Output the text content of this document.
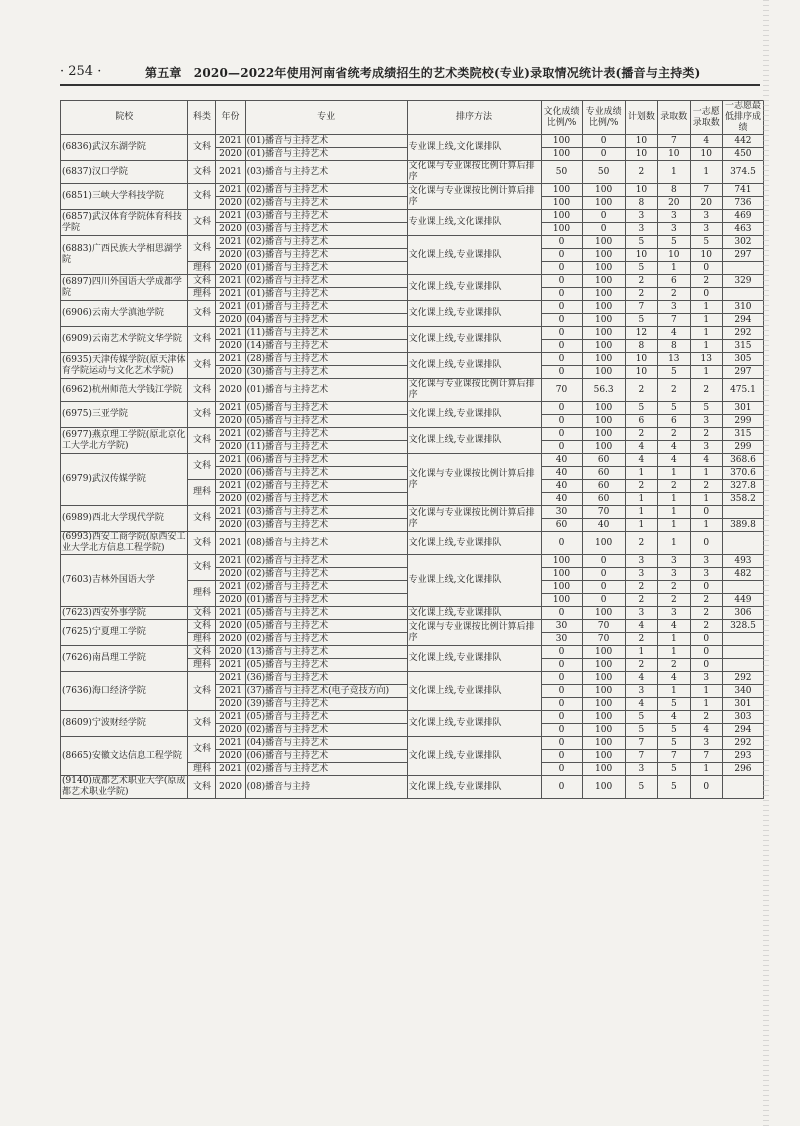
· 254 ·	第五章　2020—2022年使用河南省统考成绩招生的艺术类院校(专业)录取情况统计表(播音与主持类)
院校	科类	年份	专业	排序方法	文化成绩比例/%	专业成绩比例/%	计划数	录取数	一志愿录取数	一志愿最低排序成绩
(6836)武汉东湖学院	文科	2021	(01)播音与主持艺术	专业课上线,文化课排队	100	0	10	7	4	442
		2020	(01)播音与主持艺术		100	0	10	10	10	450
(6837)汉口学院	文科	2021	(03)播音与主持艺术	文化课与专业课按比例计算后排序	50	50	2	1	1	374.5
(6851)三峡大学科技学院	文科	2021	(02)播音与主持艺术	文化课与专业课按比例计算后排序	100	100	10	8	7	741
		2020	(02)播音与主持艺术		100	100	8	20	20	736
(6857)武汉体育学院体育科技学院	文科	2021	(03)播音与主持艺术	专业课上线,文化课排队	100	0	3	3	3	469
		2020	(03)播音与主持艺术		100	0	3	3	3	463
(6883)广西民族大学相思湖学院	文科	2021	(02)播音与主持艺术	文化课上线,专业课排队	0	100	5	5	5	302
		2020	(03)播音与主持艺术		0	100	10	10	10	297
	理科	2020	(01)播音与主持艺术		0	100	5	1	0	
(6897)四川外国语大学成都学院	文科	2021	(02)播音与主持艺术	文化课上线,专业课排队	0	100	2	6	2	329
	理科	2021	(01)播音与主持艺术		0	100	2	2	0	
(6906)云南大学滇池学院	文科	2021	(01)播音与主持艺术	文化课上线,专业课排队	0	100	7	3	1	310
		2020	(04)播音与主持艺术		0	100	5	7	1	294
(6909)云南艺术学院文华学院	文科	2021	(11)播音与主持艺术	文化课上线,专业课排队	0	100	12	4	1	292
		2020	(14)播音与主持艺术		0	100	8	8	1	315
(6935)天津传媒学院(原天津体育学院运动与文化艺术学院)	文科	2021	(28)播音与主持艺术	文化课上线,专业课排队	0	100	10	13	13	305
		2020	(30)播音与主持艺术		0	100	10	5	1	297
(6962)杭州师范大学钱江学院	文科	2020	(01)播音与主持艺术	文化课与专业课按比例计算后排序	70	56.3	2	2	2	475.1
(6975)三亚学院	文科	2021	(05)播音与主持艺术	文化课上线,专业课排队	0	100	5	5	5	301
		2020	(05)播音与主持艺术		0	100	6	6	3	299
(6977)燕京理工学院(原北京化工大学北方学院)	文科	2021	(02)播音与主持艺术	文化课上线,专业课排队	0	100	2	2	2	315
		2020	(11)播音与主持艺术		0	100	4	4	3	299
(6979)武汉传媒学院	文科	2021	(06)播音与主持艺术	文化课与专业课按比例计算后排序	40	60	4	4	4	368.6
		2020	(06)播音与主持艺术		40	60	1	1	1	370.6
	理科	2021	(02)播音与主持艺术		40	60	2	2	2	327.8
		2020	(02)播音与主持艺术		40	60	1	1	1	358.2
(6989)西北大学现代学院	文科	2021	(03)播音与主持艺术	文化课与专业课按比例计算后排序	30	70	1	1	0	
		2020	(03)播音与主持艺术		60	40	1	1	1	389.8
(6993)西安工商学院(原西安工业大学北方信息工程学院)	文科	2021	(08)播音与主持艺术	文化课上线,专业课排队	0	100	2	1	0	
(7603)吉林外国语大学	文科	2021	(02)播音与主持艺术	专业课上线,文化课排队	100	0	3	3	3	493
		2020	(02)播音与主持艺术		100	0	3	3	3	482
	理科	2021	(02)播音与主持艺术		100	0	2	2	0	
		2020	(01)播音与主持艺术		100	0	2	2	2	449
(7623)西安外事学院	文科	2021	(05)播音与主持艺术	文化课上线,专业课排队	0	100	3	3	2	306
(7625)宁夏理工学院	文科	2020	(05)播音与主持艺术	文化课与专业课按比例计算后排序	30	70	4	4	2	328.5
	理科	2020	(02)播音与主持艺术		30	70	2	1	0	
(7626)南昌理工学院	文科	2020	(13)播音与主持艺术	文化课上线,专业课排队	0	100	1	1	0	
	理科	2021	(05)播音与主持艺术		0	100	2	2	0	
(7636)海口经济学院	文科	2021	(36)播音与主持艺术	文化课上线,专业课排队	0	100	4	4	3	292
		2021	(37)播音与主持艺术(电子竞技方向)		0	100	3	1	1	340
		2020	(39)播音与主持艺术		0	100	4	5	1	301
(8609)宁波财经学院	文科	2021	(05)播音与主持艺术	文化课上线,专业课排队	0	100	5	4	2	303
		2020	(02)播音与主持艺术		0	100	5	5	4	294
(8665)安徽文达信息工程学院	文科	2021	(04)播音与主持艺术	文化课上线,专业课排队	0	100	7	5	3	292
		2020	(06)播音与主持艺术		0	100	7	7	7	293
	理科	2021	(02)播音与主持艺术		0	100	3	5	1	296
(9140)成都艺术职业大学(原成都艺术职业学院)	文科	2020	(08)播音与主持	文化课上线,专业课排队	0	100	5	5	0	
